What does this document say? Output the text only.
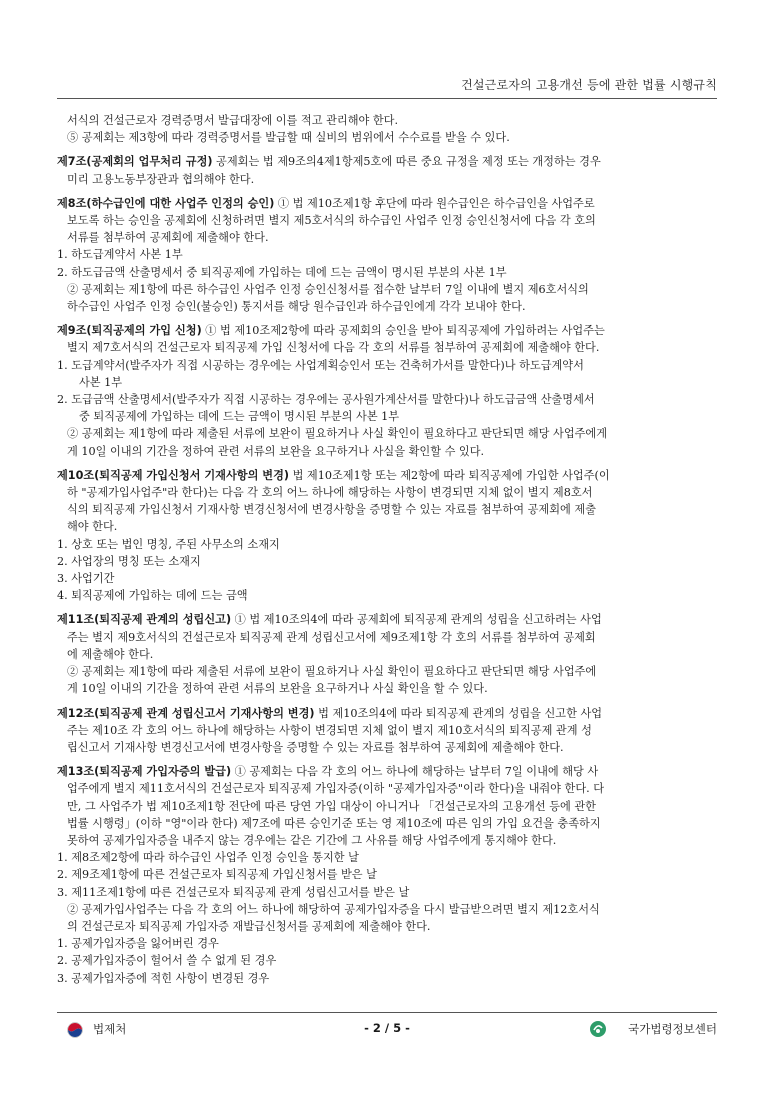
건설근로자의 고용개선 등에 관한 법률 시행규칙
서식의 건설근로자 경력증명서 발급대장에 이를 적고 관리해야 한다.
⑤ 공제회는 제3항에 따라 경력증명서를 발급할 때 실비의 범위에서 수수료를 받을 수 있다.
제7조(공제회의 업무처리 규정) 공제회는 법 제9조의4제1항제5호에 따른 중요 규정을 제정 또는 개정하는 경우
미리 고용노동부장관과 협의해야 한다.
제8조(하수급인에 대한 사업주 인정의 승인) ① 법 제10조제1항 후단에 따라 원수급인은 하수급인을 사업주로
보도록 하는 승인을 공제회에 신청하려면 별지 제5호서식의 하수급인 사업주 인정 승인신청서에 다음 각 호의
서류를 첨부하여 공제회에 제출해야 한다.
1. 하도급계약서 사본 1부
2. 하도급금액 산출명세서 중 퇴직공제에 가입하는 데에 드는 금액이 명시된 부분의 사본 1부
② 공제회는 제1항에 따른 하수급인 사업주 인정 승인신청서를 접수한 날부터 7일 이내에 별지 제6호서식의
하수급인 사업주 인정 승인(불승인) 통지서를 해당 원수급인과 하수급인에게 각각 보내야 한다.
제9조(퇴직공제의 가입 신청) ① 법 제10조제2항에 따라 공제회의 승인을 받아 퇴직공제에 가입하려는 사업주는
별지 제7호서식의 건설근로자 퇴직공제 가입 신청서에 다음 각 호의 서류를 첨부하여 공제회에 제출해야 한다.
1. 도급계약서(발주자가 직접 시공하는 경우에는 사업계획승인서 또는 건축허가서를 말한다)나 하도급계약서
사본 1부
2. 도급금액 산출명세서(발주자가 직접 시공하는 경우에는 공사원가계산서를 말한다)나 하도급금액 산출명세서
중 퇴직공제에 가입하는 데에 드는 금액이 명시된 부분의 사본 1부
② 공제회는 제1항에 따라 제출된 서류에 보완이 필요하거나 사실 확인이 필요하다고 판단되면 해당 사업주에게
게 10일 이내의 기간을 정하여 관련 서류의 보완을 요구하거나 사실을 확인할 수 있다.
제10조(퇴직공제 가입신청서 기재사항의 변경) 법 제10조제1항 또는 제2항에 따라 퇴직공제에 가입한 사업주(이
하 "공제가입사업주"라 한다)는 다음 각 호의 어느 하나에 해당하는 사항이 변경되면 지체 없이 별지 제8호서
식의 퇴직공제 가입신청서 기재사항 변경신청서에 변경사항을 증명할 수 있는 자료를 첨부하여 공제회에 제출
해야 한다.
1. 상호 또는 법인 명칭, 주된 사무소의 소재지
2. 사업장의 명칭 또는 소재지
3. 사업기간
4. 퇴직공제에 가입하는 데에 드는 금액
제11조(퇴직공제 관계의 성립신고) ① 법 제10조의4에 따라 공제회에 퇴직공제 관계의 성립을 신고하려는 사업
주는 별지 제9호서식의 건설근로자 퇴직공제 관계 성립신고서에 제9조제1항 각 호의 서류를 첨부하여 공제회
에 제출해야 한다.
② 공제회는 제1항에 따라 제출된 서류에 보완이 필요하거나 사실 확인이 필요하다고 판단되면 해당 사업주에
게 10일 이내의 기간을 정하여 관련 서류의 보완을 요구하거나 사실 확인을 할 수 있다.
제12조(퇴직공제 관계 성립신고서 기재사항의 변경) 법 제10조의4에 따라 퇴직공제 관계의 성립을 신고한 사업
주는 제10조 각 호의 어느 하나에 해당하는 사항이 변경되면 지체 없이 별지 제10호서식의 퇴직공제 관계 성
립신고서 기재사항 변경신고서에 변경사항을 증명할 수 있는 자료를 첨부하여 공제회에 제출해야 한다.
제13조(퇴직공제 가입자증의 발급) ① 공제회는 다음 각 호의 어느 하나에 해당하는 날부터 7일 이내에 해당 사
업주에게 별지 제11호서식의 건설근로자 퇴직공제 가입자증(이하 "공제가입자증"이라 한다)을 내줘야 한다. 다
만, 그 사업주가 법 제10조제1항 전단에 따른 당연 가입 대상이 아니거나 「건설근로자의 고용개선 등에 관한
법률 시행령」(이하 "영"이라 한다) 제7조에 따른 승인기준 또는 영 제10조에 따른 임의 가입 요건을 충족하지
못하여 공제가입자증을 내주지 않는 경우에는 같은 기간에 그 사유를 해당 사업주에게 통지해야 한다.
1. 제8조제2항에 따라 하수급인 사업주 인정 승인을 통지한 날
2. 제9조제1항에 따른 건설근로자 퇴직공제 가입신청서를 받은 날
3. 제11조제1항에 따른 건설근로자 퇴직공제 관계 성립신고서를 받은 날
② 공제가입사업주는 다음 각 호의 어느 하나에 해당하여 공제가입자증을 다시 발급받으려면 별지 제12호서식
의 건설근로자 퇴직공제 가입자증 재발급신청서를 공제회에 제출해야 한다.
1. 공제가입자증을 잃어버린 경우
2. 공제가입자증이 헐어서 쓸 수 없게 된 경우
3. 공제가입자증에 적힌 사항이 변경된 경우
법제처	- 2 / 5 -	국가법령정보센터
